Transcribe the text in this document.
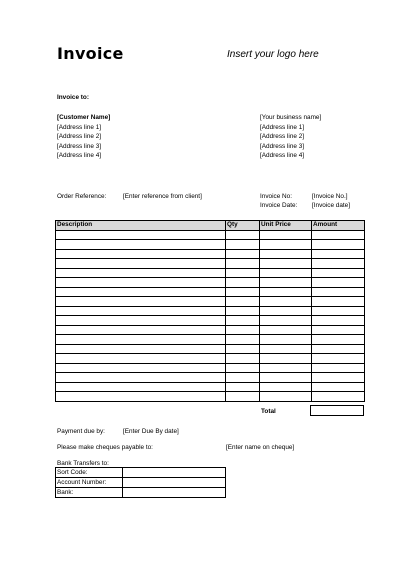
Invoice	Insert your logo here
Invoice to:
[Customer Name]
[Address line 1]
[Address line 2]
[Address line 3]
[Address line 4]
[Your business name]
[Address line 1]
[Address line 2]
[Address line 3]
[Address line 4]
Order Reference:	[Enter reference from client]	Invoice No:	[Invoice No.]
Invoice Date: [Invoice date]
Description	Qty	Unit Price	Amount

Total
Payment due by:	[Enter Due By date]
Please make cheques payable to:	[Enter name on cheque]
Bank Transfers to:
Sort Code:	
Account Number:	
Bank:	
